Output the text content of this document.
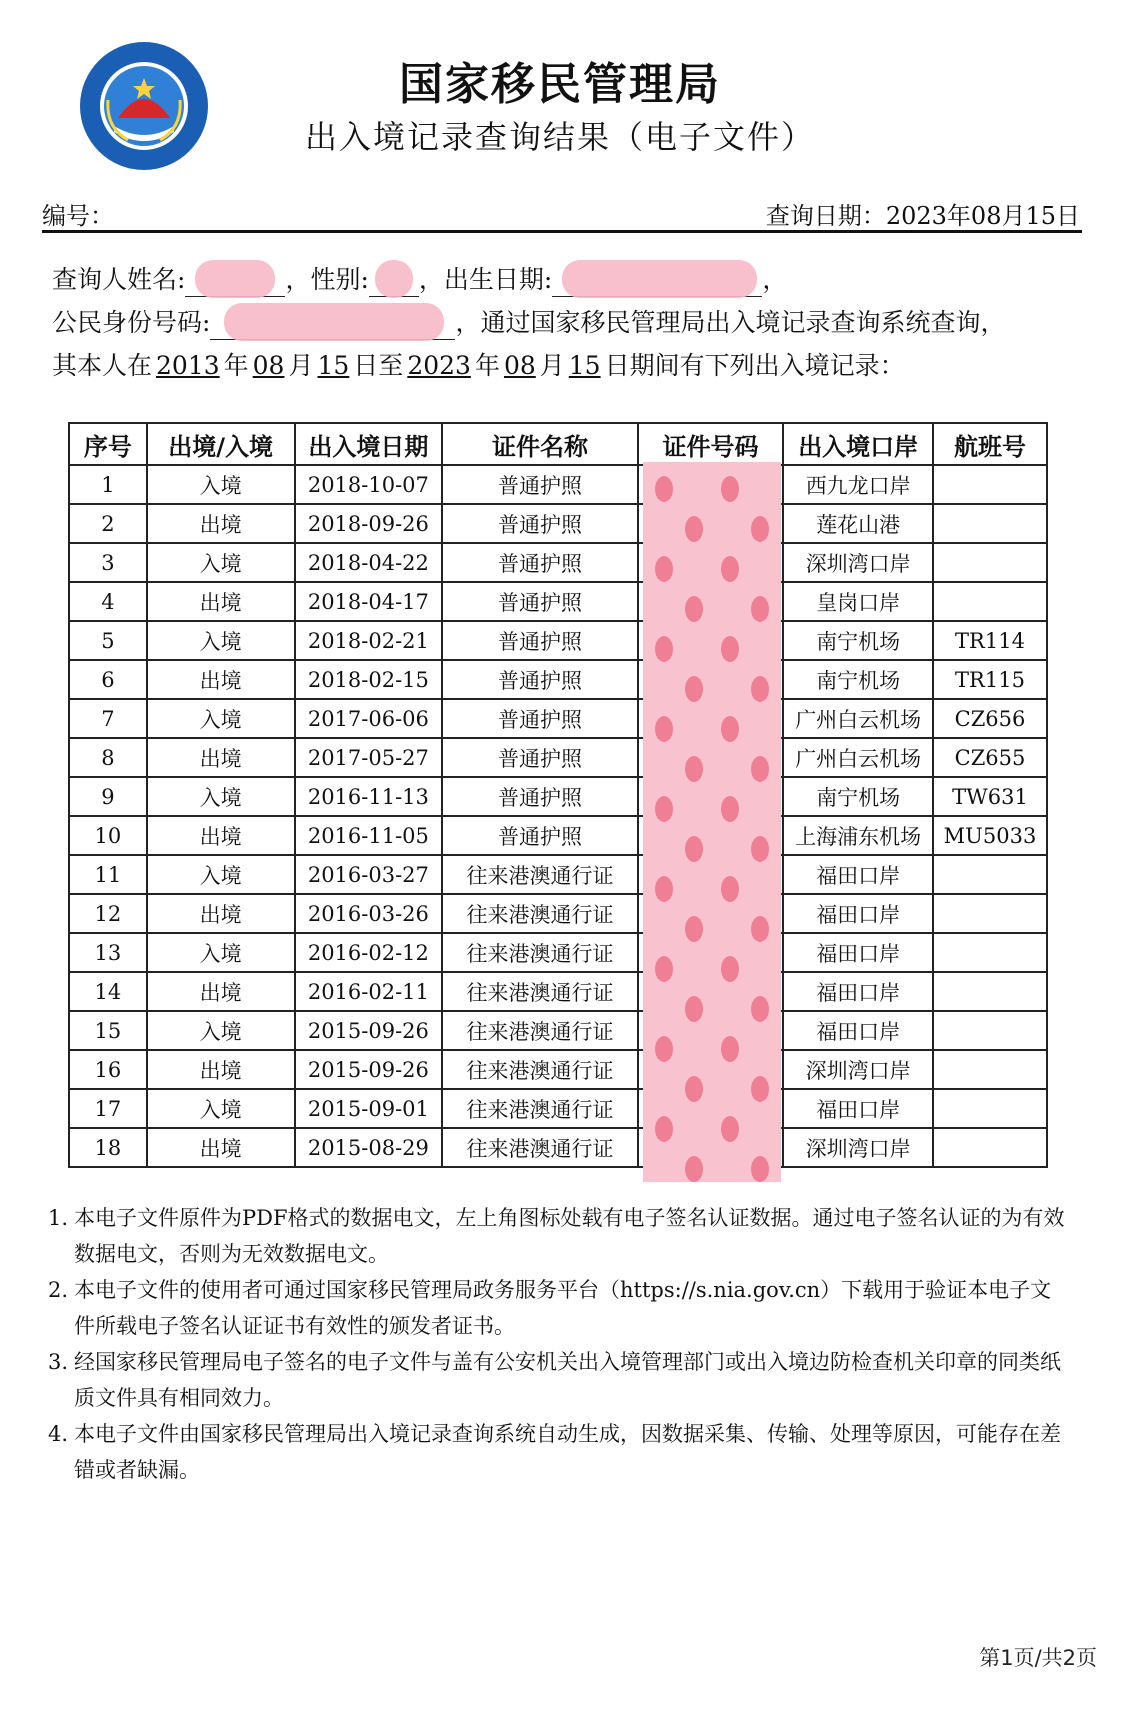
国家移民管理局
出入境记录查询结果（电子文件）
编号：	查询日期：2023年08月15日
查询人姓名:	，性别: ，出生日期:	，
公民身份号码:	，通过国家移民管理局出入境记录查询系统查询，
其本人在 2013 年 08 月 15 日至 2023 年 08 月 15 日期间有下列出入境记录：
序号	出境/入境	出入境日期	证件名称	证件号码	出入境口岸	航班号
1	入境	2018-10-07	普通护照		西九龙口岸	
2	出境	2018-09-26	普通护照		莲花山港	
3	入境	2018-04-22	普通护照		深圳湾口岸	
4	出境	2018-04-17	普通护照		皇岗口岸	
5	入境	2018-02-21	普通护照		南宁机场	TR114
6	出境	2018-02-15	普通护照		南宁机场	TR115
7	入境	2017-06-06	普通护照		广州白云机场	CZ656
8	出境	2017-05-27	普通护照		广州白云机场	CZ655
9	入境	2016-11-13	普通护照		南宁机场	TW631
10	出境	2016-11-05	普通护照		上海浦东机场	MU5033
11	入境	2016-03-27	往来港澳通行证		福田口岸	
12	出境	2016-03-26	往来港澳通行证		福田口岸	
13	入境	2016-02-12	往来港澳通行证		福田口岸	
14	出境	2016-02-11	往来港澳通行证		福田口岸	
15	入境	2015-09-26	往来港澳通行证		福田口岸	
16	出境	2015-09-26	往来港澳通行证		深圳湾口岸	
17	入境	2015-09-01	往来港澳通行证		福田口岸	
18	出境	2015-08-29	往来港澳通行证		深圳湾口岸	
1. 本电子文件原件为PDF格式的数据电文，左上角图标处载有电子签名认证数据。通过电子签名认证的为有效数据电文，否则为无效数据电文。
2. 本电子文件的使用者可通过国家移民管理局政务服务平台（https://s.nia.gov.cn）下载用于验证本电子文件所载电子签名认证证书有效性的颁发者证书。
3. 经国家移民管理局电子签名的电子文件与盖有公安机关出入境管理部门或出入境边防检查机关印章的同类纸质文件具有相同效力。
4. 本电子文件由国家移民管理局出入境记录查询系统自动生成，因数据采集、传输、处理等原因，可能存在差错或者缺漏。
第1页/共2页
